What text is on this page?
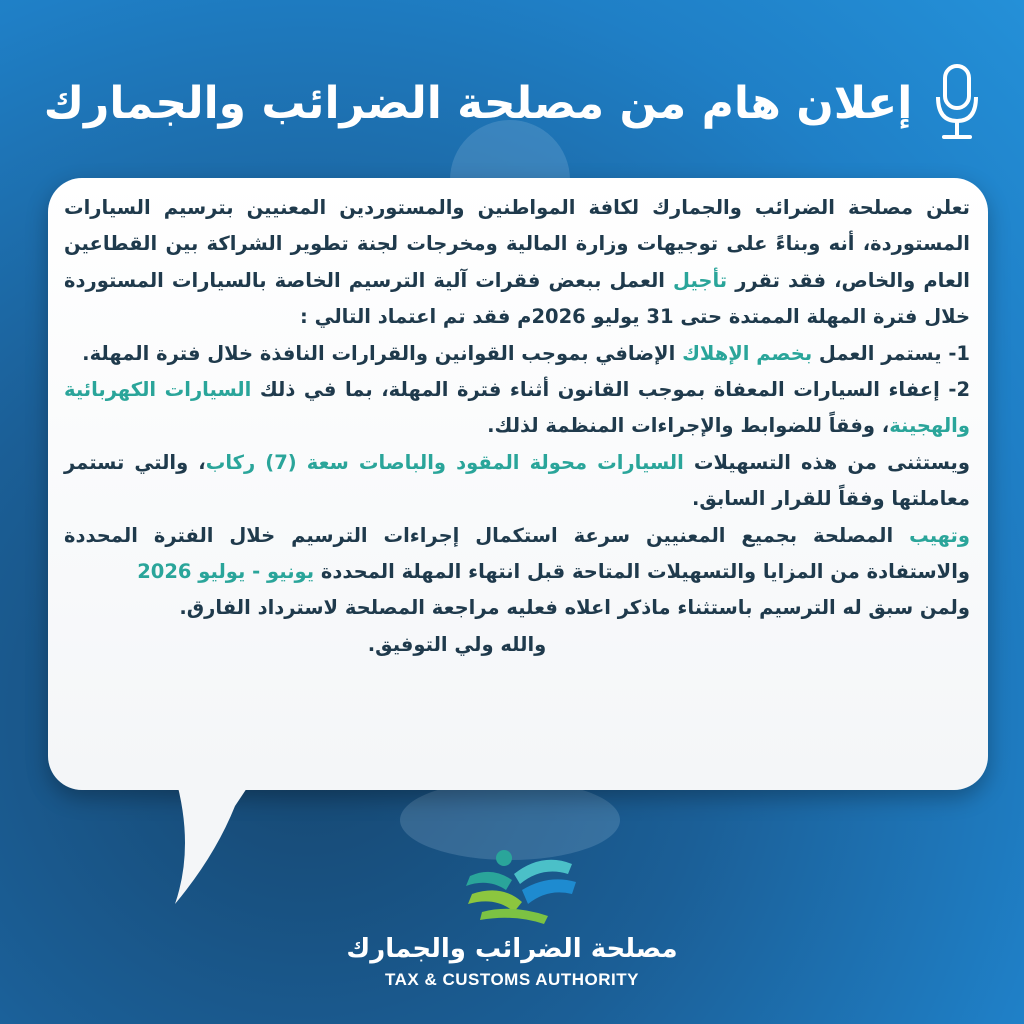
إعلان هام من مصلحة الضرائب والجمارك

تعلن مصلحة الضرائب والجمارك لكافة المواطنين والمستوردين المعنيين بترسيم السيارات المستوردة، أنه وبناءً على توجيهات وزارة المالية ومخرجات لجنة تطوير الشراكة بين القطاعين العام والخاص، فقد تقرر تأجيل العمل ببعض فقرات آلية الترسيم الخاصة بالسيارات المستوردة خلال فترة المهلة الممتدة حتى 31 يوليو 2026م فقد تم اعتماد التالي :

1- يستمر العمل بخصم الإهلاك الإضافي بموجب القوانين والقرارات النافذة خلال فترة المهلة.

2- إعفاء السيارات المعفاة بموجب القانون أثناء فترة المهلة، بما في ذلك السيارات الكهربائية والهجينة، وفقاً للضوابط والإجراءات المنظمة لذلك.

ويستثنى من هذه التسهيلات السيارات محولة المقود والباصات سعة (7) ركاب، والتي تستمر معاملتها وفقاً للقرار السابق.

وتهيب المصلحة بجميع المعنيين سرعة استكمال إجراءات الترسيم خلال الفترة المحددة والاستفادة من المزايا والتسهيلات المتاحة قبل انتهاء المهلة المحددة يونيو - يوليو 2026

ولمن سبق له الترسيم باستثناء ماذكر اعلاه فعليه مراجعة المصلحة لاسترداد الفارق.

والله ولي التوفيق.

مصلحة الضرائب والجمارك
TAX & CUSTOMS AUTHORITY
